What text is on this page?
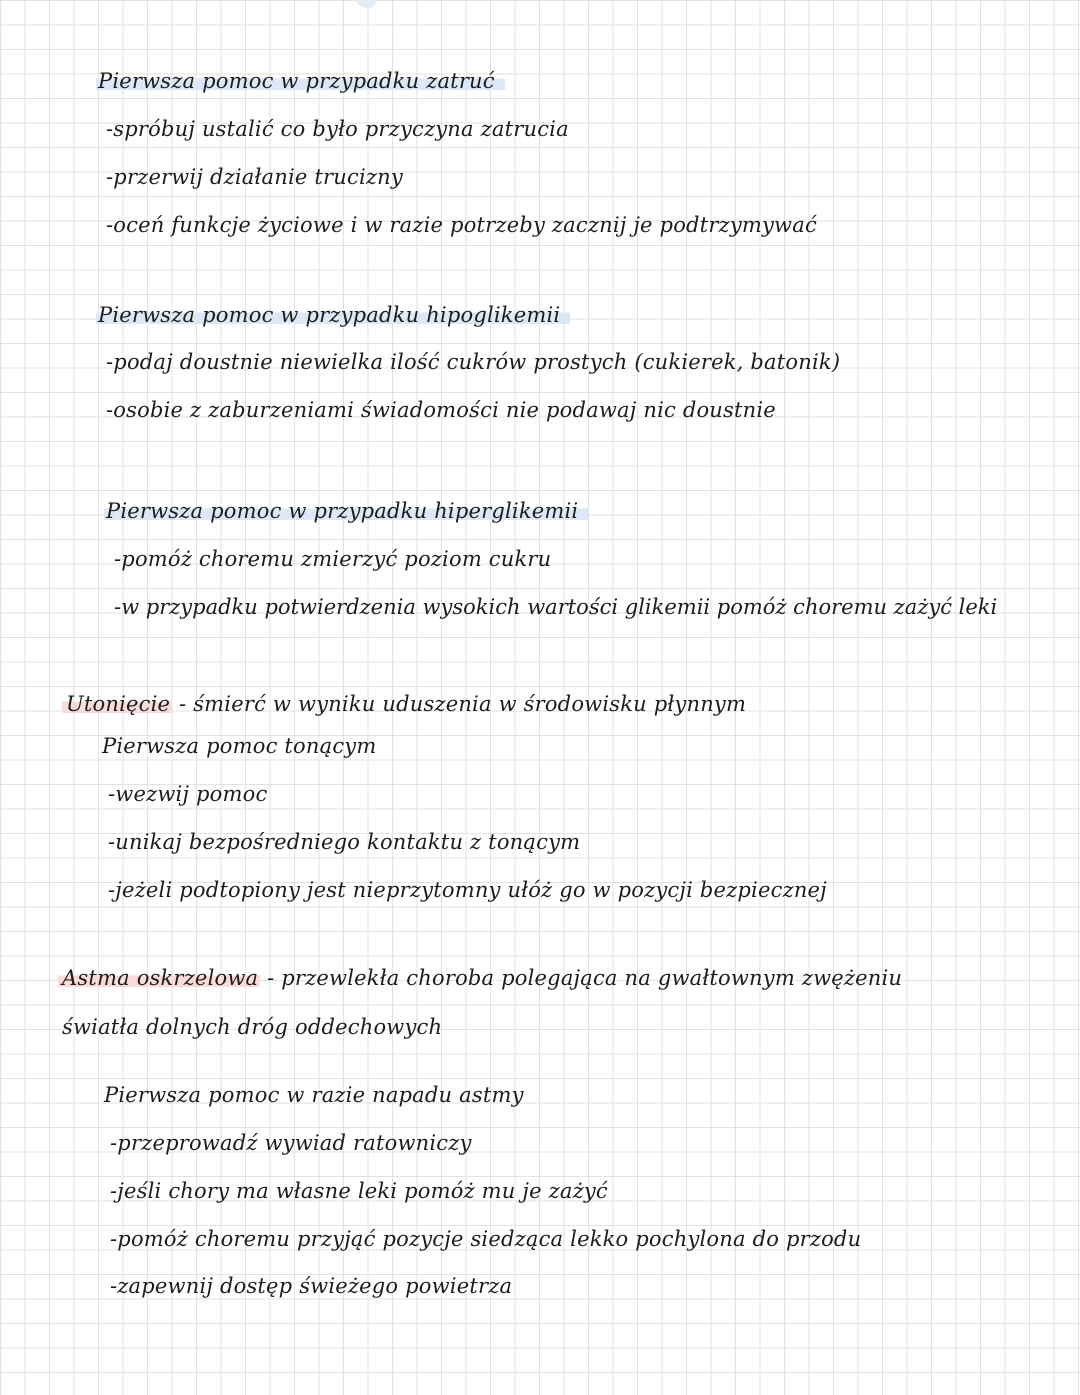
Pierwsza pomoc w przypadku zatruć
-spróbuj ustalić co było przyczyna zatrucia
-przerwij działanie trucizny
-oceń funkcje życiowe i w razie potrzeby zacznij je podtrzymywać
Pierwsza pomoc w przypadku hipoglikemii
-podaj doustnie niewielka ilość cukrów prostych (cukierek, batonik)
-osobie z zaburzeniami świadomości nie podawaj nic doustnie
Pierwsza pomoc w przypadku hiperglikemii
-pomóż choremu zmierzyć poziom cukru
-w przypadku potwierdzenia wysokich wartości glikemii pomóż choremu zażyć leki
Utonięcie - śmierć w wyniku uduszenia w środowisku płynnym
Pierwsza pomoc tonącym
-wezwij pomoc
-unikaj bezpośredniego kontaktu z tonącym
-jeżeli podtopiony jest nieprzytomny ułóż go w pozycji bezpiecznej
Astma oskrzelowa - przewlekła choroba polegająca na gwałtownym zwężeniu
światła dolnych dróg oddechowych
Pierwsza pomoc w razie napadu astmy
-przeprowadź wywiad ratowniczy
-jeśli chory ma własne leki pomóż mu je zażyć
-pomóż choremu przyjąć pozycje siedząca lekko pochylona do przodu
-zapewnij dostęp świeżego powietrza
